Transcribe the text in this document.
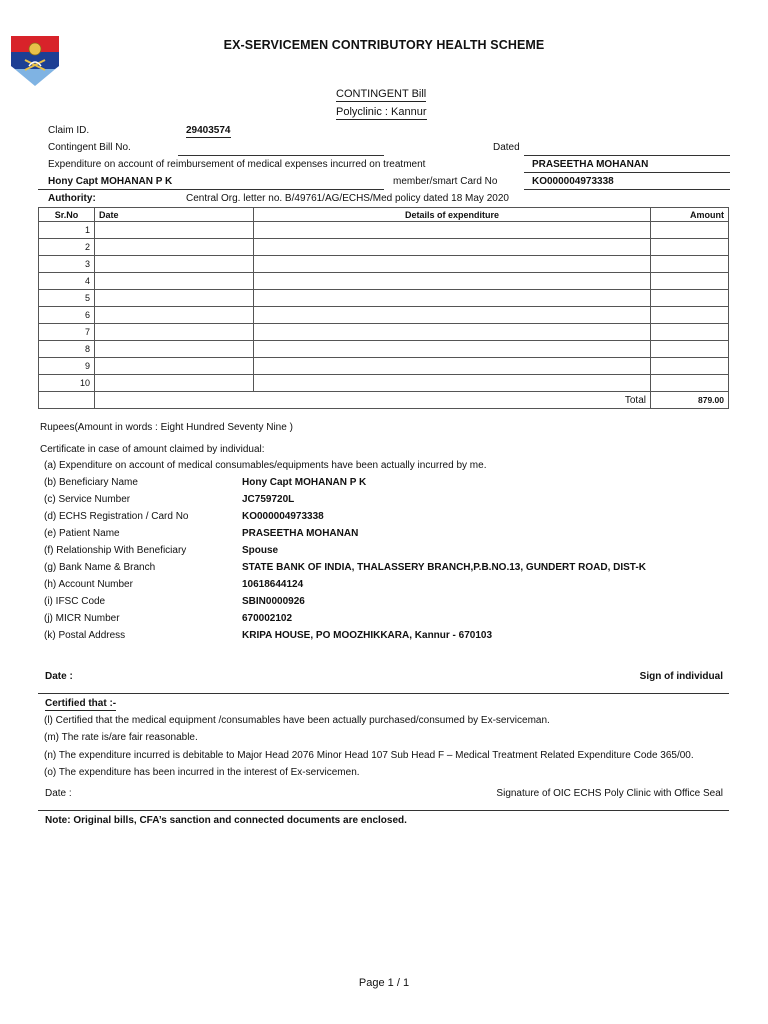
EX-SERVICEMEN CONTRIBUTORY HEALTH SCHEME
CONTINGENT Bill
Polyclinic : Kannur
Claim ID.	29403574
Contingent Bill No.	Dated
Expenditure on account of reimbursement of medical expenses incurred on treatment	PRASEETHA MOHANAN
Hony Capt MOHANAN P K	member/smart Card No	KO000004973338
Authority:	Central Org. letter no. B/49761/AG/ECHS/Med policy dated 18 May 2020
Sr.No	Date	Details of expenditure	Amount
1			
2			
3			
4			
5			
6			
7			
8			
9			
10			
	Total		879.00
Rupees(Amount in words : Eight Hundred Seventy Nine )
Certificate in case of amount claimed by individual:
(a) Expenditure on account of medical consumables/equipments have been actually incurred by me.
(b) Beneficiary Name	Hony Capt MOHANAN P K
(c) Service Number	JC759720L
(d) ECHS Registration / Card No	KO000004973338
(e) Patient Name	PRASEETHA MOHANAN
(f) Relationship With Beneficiary	Spouse
(g) Bank Name & Branch	STATE BANK OF INDIA, THALASSERY BRANCH,P.B.NO.13, GUNDERT ROAD, DIST-K
(h) Account Number	10618644124
(i) IFSC Code	SBIN0000926
(j) MICR Number	670002102
(k) Postal Address	KRIPA HOUSE, PO MOOZHIKKARA, Kannur - 670103
Date :	Sign of individual
Certified that :-
(l) Certified that the medical equipment /consumables have been actually purchased/consumed by Ex-serviceman.
(m) The rate is/are fair reasonable.
(n) The expenditure incurred is debitable to Major Head 2076 Minor Head 107 Sub Head F – Medical Treatment Related Expenditure Code 365/00.
(o) The expenditure has been incurred in the interest of Ex-servicemen.
Date :	Signature of OIC ECHS Poly Clinic with Office Seal
Note: Original bills, CFA’s sanction and connected documents are enclosed.
Page 1 / 1
